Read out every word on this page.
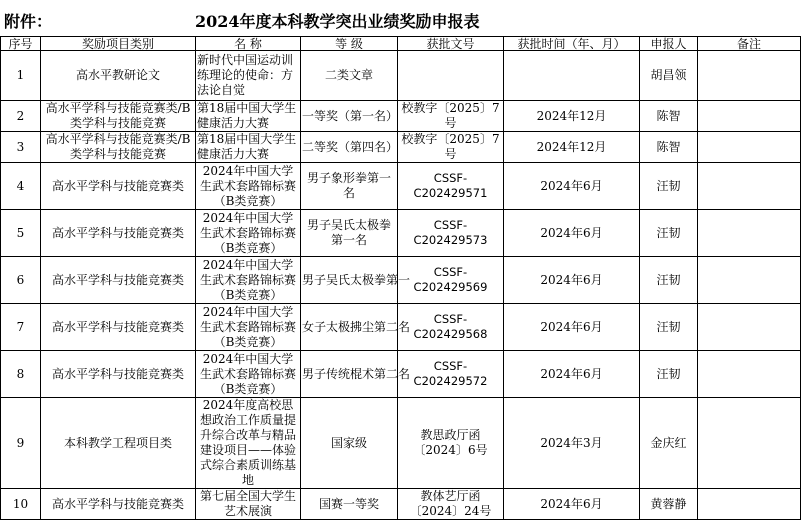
附件：	2024年度本科教学突出业绩奖励申报表
序号	奖励项目类别	名 称	等 级	获批文号	获批时间（年、月）	申报人	备注
1	高水平教研论文	新时代中国运动训练理论的使命：方法论自觉	二类文章			胡昌领	
2	高水平学科与技能竞赛类/B类学科与技能竞赛	第18届中国大学生健康活力大赛	一等奖（第一名）	校教字〔2025〕7号	2024年12月	陈智	
3	高水平学科与技能竞赛类/B类学科与技能竞赛	第18届中国大学生健康活力大赛	二等奖（第四名）	校教字〔2025〕7号	2024年12月	陈智	
4	高水平学科与技能竞赛类	2024年中国大学生武术套路锦标赛（B类竞赛）	男子象形拳第一名	CSSF-C202429571	2024年6月	汪韧	
5	高水平学科与技能竞赛类	2024年中国大学生武术套路锦标赛（B类竞赛）	男子吴氏太极拳第一名	CSSF-C202429573	2024年6月	汪韧	
6	高水平学科与技能竞赛类	2024年中国大学生武术套路锦标赛（B类竞赛）	男子吴氏太极拳第一	CSSF-C202429569	2024年6月	汪韧	
7	高水平学科与技能竞赛类	2024年中国大学生武术套路锦标赛（B类竞赛）	女子太极拂尘第二名	CSSF-C202429568	2024年6月	汪韧	
8	高水平学科与技能竞赛类	2024年中国大学生武术套路锦标赛（B类竞赛）	男子传统棍术第二名	CSSF-C202429572	2024年6月	汪韧	
9	本科教学工程项目类	2024年度高校思想政治工作质量提升综合改革与精品建设项目——体验式综合素质训练基地	国家级	教思政厅函〔2024〕6号	2024年3月	金庆红	
10	高水平学科与技能竞赛类	第七届全国大学生艺术展演	国赛一等奖	教体艺厅函〔2024〕24号	2024年6月	黄蓉静	
